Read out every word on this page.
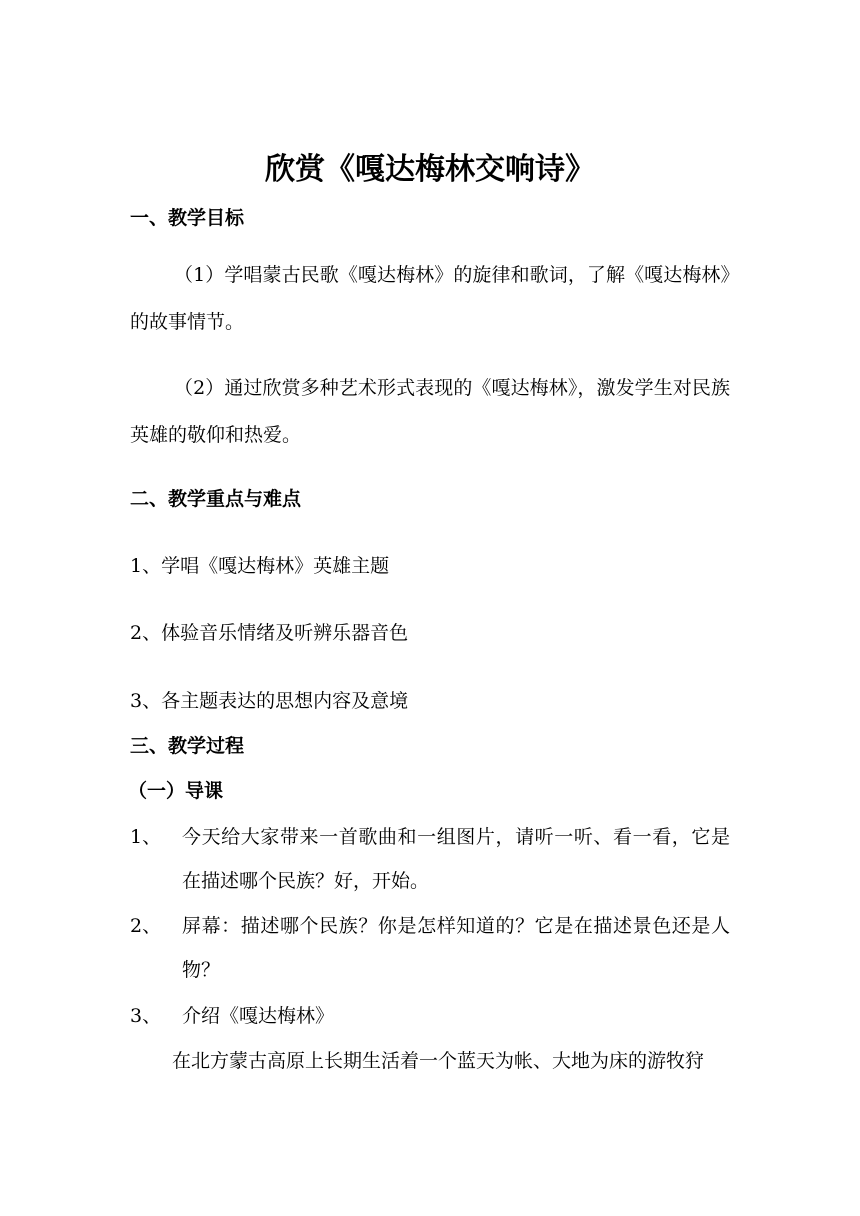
欣赏《嘎达梅林交响诗》
一、教学目标
（1）学唱蒙古民歌《嘎达梅林》的旋律和歌词，了解《嘎达梅林》的故事情节。
（2）通过欣赏多种艺术形式表现的《嘎达梅林》，激发学生对民族英雄的敬仰和热爱。
二、教学重点与难点
1、学唱《嘎达梅林》英雄主题
2、体验音乐情绪及听辨乐器音色
3、各主题表达的思想内容及意境
三、教学过程
（一）导课
1、 今天给大家带来一首歌曲和一组图片，请听一听、看一看，它是在描述哪个民族？好，开始。
2、 屏幕：描述哪个民族？你是怎样知道的？它是在描述景色还是人物？
3、 介绍《嘎达梅林》
在北方蒙古高原上长期生活着一个蓝天为帐、大地为床的游牧狩
